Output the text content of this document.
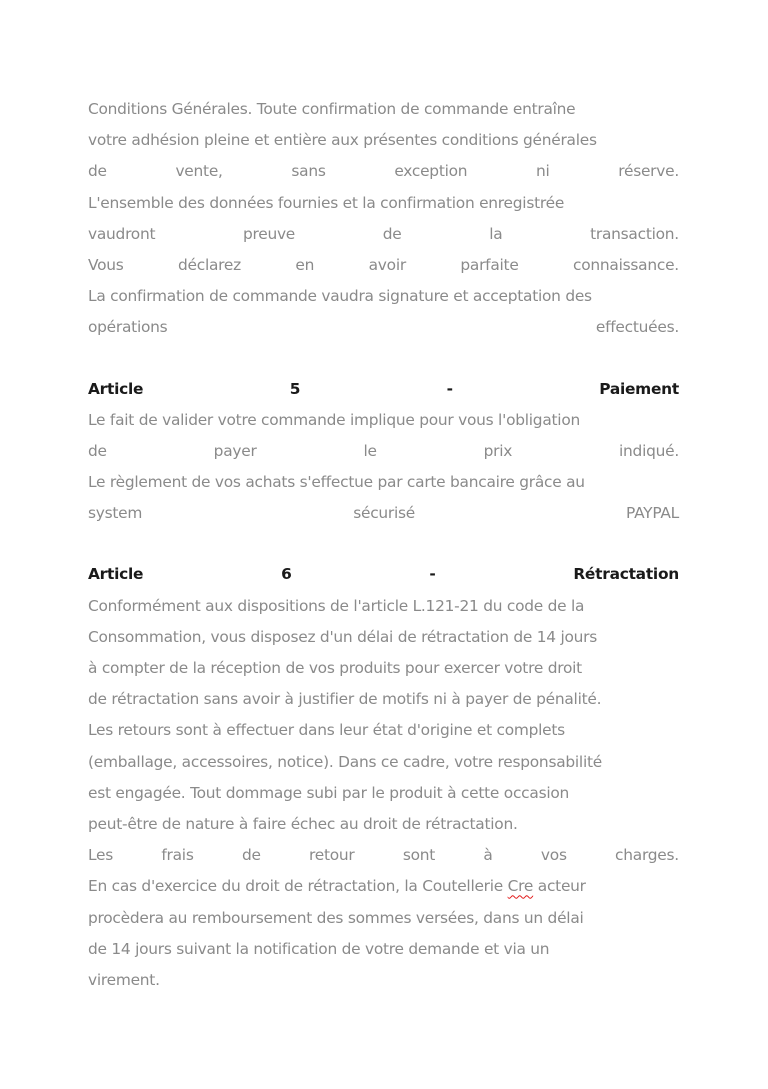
Conditions Générales. Toute confirmation de commande entraîne
votre adhésion pleine et entière aux présentes conditions générales
de	vente,	sans	exception	ni	réserve.
L'ensemble des données fournies et la confirmation enregistrée
vaudront	preuve	de	la	transaction.
Vous	déclarez	en	avoir	parfaite	connaissance.
La confirmation de commande vaudra signature et acceptation des
opérations	effectuées.
Article	5	-	Paiement
Le fait de valider votre commande implique pour vous l'obligation
de	payer	le	prix	indiqué.
Le règlement de vos achats s'effectue par carte bancaire grâce au
system	sécurisé	PAYPAL
Article	6	-	Rétractation
Conformément aux dispositions de l'article L.121-21 du code de la
Consommation, vous disposez d'un délai de rétractation de 14 jours
à compter de la réception de vos produits pour exercer votre droit
de rétractation sans avoir à justifier de motifs ni à payer de pénalité.
Les retours sont à effectuer dans leur état d'origine et complets
(emballage, accessoires, notice). Dans ce cadre, votre responsabilité
est engagée. Tout dommage subi par le produit à cette occasion
peut-être de nature à faire échec au droit de rétractation.
Les	frais	de	retour	sont	à	vos	charges.
En cas d'exercice du droit de rétractation, la Coutellerie Cre acteur
procèdera au remboursement des sommes versées, dans un délai
de 14 jours suivant la notification de votre demande et via un
virement.
